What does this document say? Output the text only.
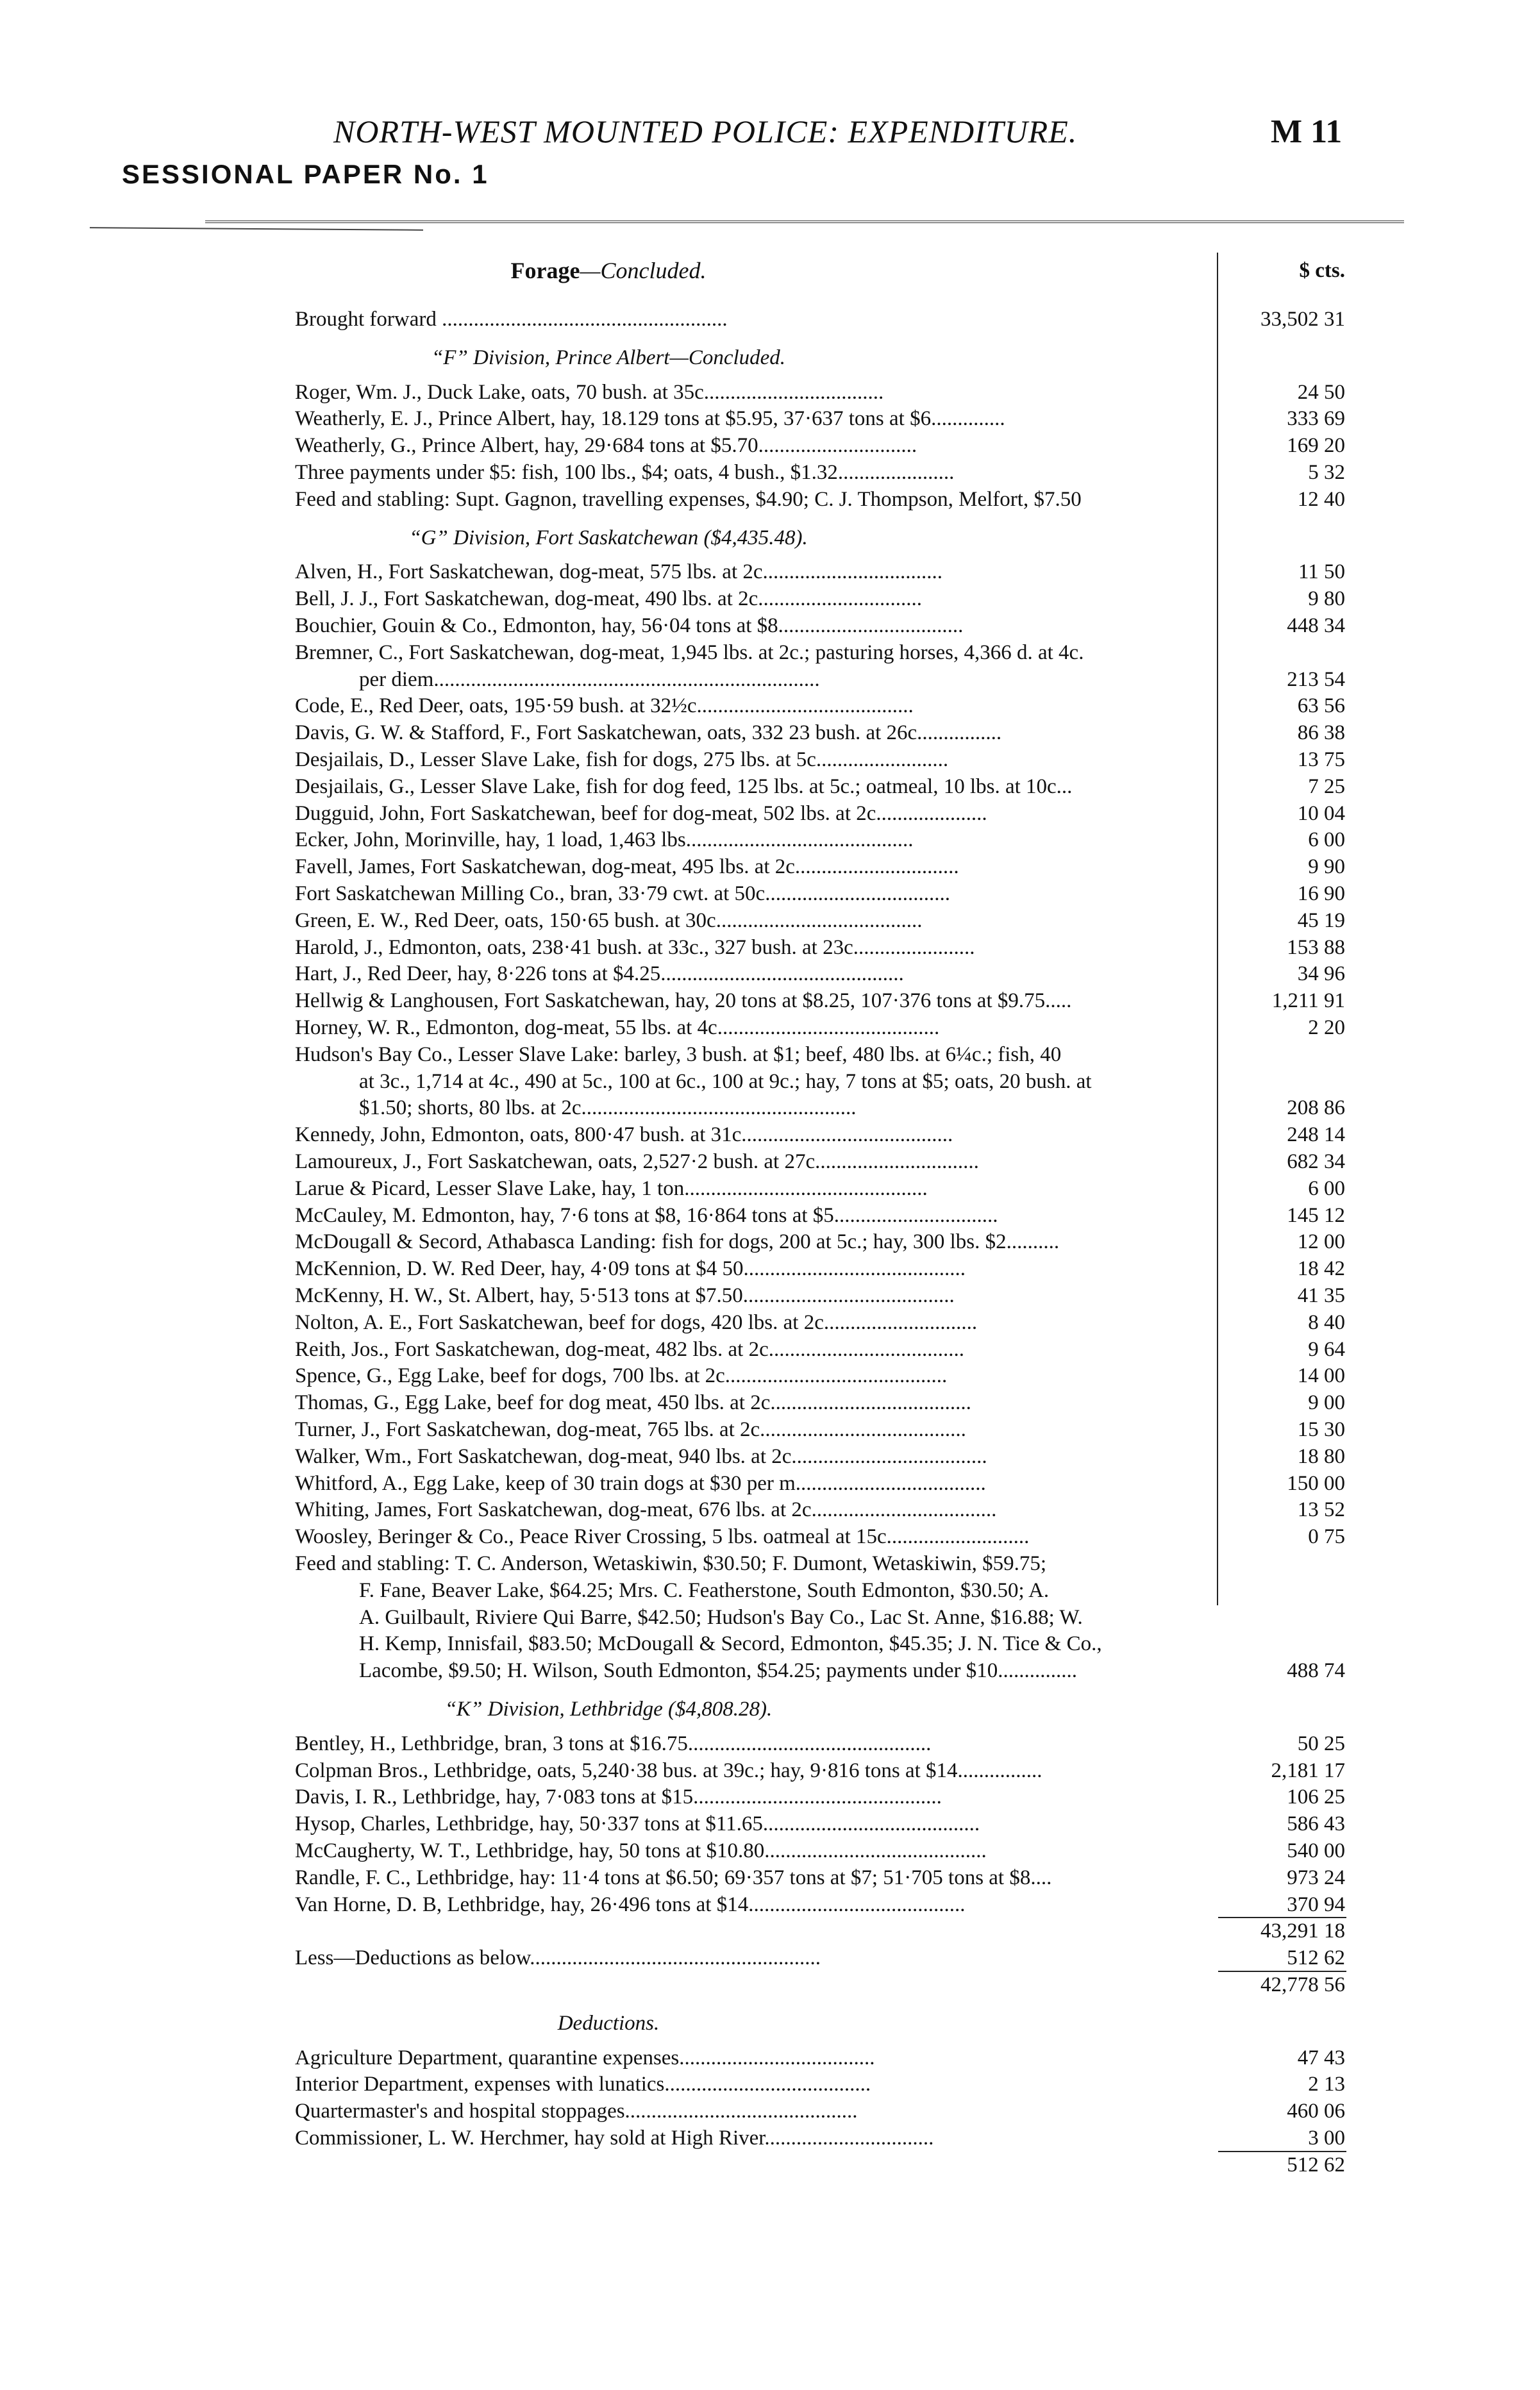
NORTH-WEST MOUNTED POLICE: EXPENDITURE.	M 11
SESSIONAL PAPER No. 1
Forage—Concluded.	$ cts.
Brought forward ......................................................	33,502 31
“F” Division, Prince Albert—Concluded.
Roger, Wm. J., Duck Lake, oats, 70 bush. at 35c..................................	24 50
Weatherly, E. J., Prince Albert, hay, 18.129 tons at $5.95, 37·637 tons at $6..............	333 69
Weatherly, G., Prince Albert, hay, 29·684 tons at $5.70..............................	169 20
Three payments under $5: fish, 100 lbs., $4; oats, 4 bush., $1.32......................	5 32
Feed and stabling: Supt. Gagnon, travelling expenses, $4.90; C. J. Thompson, Melfort, $7.50	12 40
“G” Division, Fort Saskatchewan ($4,435.48).
Alven, H., Fort Saskatchewan, dog-meat, 575 lbs. at 2c..................................	11 50
Bell, J. J., Fort Saskatchewan, dog-meat, 490 lbs. at 2c...............................	9 80
Bouchier, Gouin & Co., Edmonton, hay, 56·04 tons at $8...................................	448 34
Bremner, C., Fort Saskatchewan, dog-meat, 1,945 lbs. at 2c.; pasturing horses, 4,366 d. at 4c.
per diem.........................................................................	213 54
Code, E., Red Deer, oats, 195·59 bush. at 32½c.........................................	63 56
Davis, G. W. & Stafford, F., Fort Saskatchewan, oats, 332 23 bush. at 26c................	86 38
Desjailais, D., Lesser Slave Lake, fish for dogs, 275 lbs. at 5c.........................	13 75
Desjailais, G., Lesser Slave Lake, fish for dog feed, 125 lbs. at 5c.; oatmeal, 10 lbs. at 10c...	7 25
Dugguid, John, Fort Saskatchewan, beef for dog-meat, 502 lbs. at 2c.....................	10 04
Ecker, John, Morinville, hay, 1 load, 1,463 lbs...........................................	6 00
Favell, James, Fort Saskatchewan, dog-meat, 495 lbs. at 2c...............................	9 90
Fort Saskatchewan Milling Co., bran, 33·79 cwt. at 50c...................................	16 90
Green, E. W., Red Deer, oats, 150·65 bush. at 30c.......................................	45 19
Harold, J., Edmonton, oats, 238·41 bush. at 33c., 327 bush. at 23c.......................	153 88
Hart, J., Red Deer, hay, 8·226 tons at $4.25..............................................	34 96
Hellwig & Langhousen, Fort Saskatchewan, hay, 20 tons at $8.25, 107·376 tons at $9.75.....	1,211 91
Horney, W. R., Edmonton, dog-meat, 55 lbs. at 4c..........................................	2 20
Hudson's Bay Co., Lesser Slave Lake: barley, 3 bush. at $1; beef, 480 lbs. at 6¼c.; fish, 40
at 3c., 1,714 at 4c., 490 at 5c., 100 at 6c., 100 at 9c.; hay, 7 tons at $5; oats, 20 bush. at
$1.50; shorts, 80 lbs. at 2c....................................................	208 86
Kennedy, John, Edmonton, oats, 800·47 bush. at 31c........................................	248 14
Lamoureux, J., Fort Saskatchewan, oats, 2,527·2 bush. at 27c...............................	682 34
Larue & Picard, Lesser Slave Lake, hay, 1 ton..............................................	6 00
McCauley, M. Edmonton, hay, 7·6 tons at $8, 16·864 tons at $5...............................	145 12
McDougall & Secord, Athabasca Landing: fish for dogs, 200 at 5c.; hay, 300 lbs. $2..........	12 00
McKennion, D. W. Red Deer, hay, 4·09 tons at $4 50..........................................	18 42
McKenny, H. W., St. Albert, hay, 5·513 tons at $7.50........................................	41 35
Nolton, A. E., Fort Saskatchewan, beef for dogs, 420 lbs. at 2c.............................	8 40
Reith, Jos., Fort Saskatchewan, dog-meat, 482 lbs. at 2c.....................................	9 64
Spence, G., Egg Lake, beef for dogs, 700 lbs. at 2c..........................................	14 00
Thomas, G., Egg Lake, beef for dog meat, 450 lbs. at 2c......................................	9 00
Turner, J., Fort Saskatchewan, dog-meat, 765 lbs. at 2c.......................................	15 30
Walker, Wm., Fort Saskatchewan, dog-meat, 940 lbs. at 2c.....................................	18 80
Whitford, A., Egg Lake, keep of 30 train dogs at $30 per m....................................	150 00
Whiting, James, Fort Saskatchewan, dog-meat, 676 lbs. at 2c...................................	13 52
Woosley, Beringer & Co., Peace River Crossing, 5 lbs. oatmeal at 15c...........................	0 75
Feed and stabling: T. C. Anderson, Wetaskiwin, $30.50; F. Dumont, Wetaskiwin, $59.75;
F. Fane, Beaver Lake, $64.25; Mrs. C. Featherstone, South Edmonton, $30.50; A.
A. Guilbault, Riviere Qui Barre, $42.50; Hudson's Bay Co., Lac St. Anne, $16.88; W.
H. Kemp, Innisfail, $83.50; McDougall & Secord, Edmonton, $45.35; J. N. Tice & Co.,
Lacombe, $9.50; H. Wilson, South Edmonton, $54.25; payments under $10...............	488 74
“K” Division, Lethbridge ($4,808.28).
Bentley, H., Lethbridge, bran, 3 tons at $16.75..............................................	50 25
Colpman Bros., Lethbridge, oats, 5,240·38 bus. at 39c.; hay, 9·816 tons at $14................	2,181 17
Davis, I. R., Lethbridge, hay, 7·083 tons at $15...............................................	106 25
Hysop, Charles, Lethbridge, hay, 50·337 tons at $11.65.........................................	586 43
McCaugherty, W. T., Lethbridge, hay, 50 tons at $10.80..........................................	540 00
Randle, F. C., Lethbridge, hay: 11·4 tons at $6.50; 69·357 tons at $7; 51·705 tons at $8....	973 24
Van Horne, D. B, Lethbridge, hay, 26·496 tons at $14.........................................	370 94
43,291 18
Less—Deductions as below.......................................................	512 62
42,778 56
Deductions.
Agriculture Department, quarantine expenses.....................................	47 43
Interior Department, expenses with lunatics.......................................	2 13
Quartermaster's and hospital stoppages............................................	460 06
Commissioner, L. W. Herchmer, hay sold at High River................................	3 00
512 62
